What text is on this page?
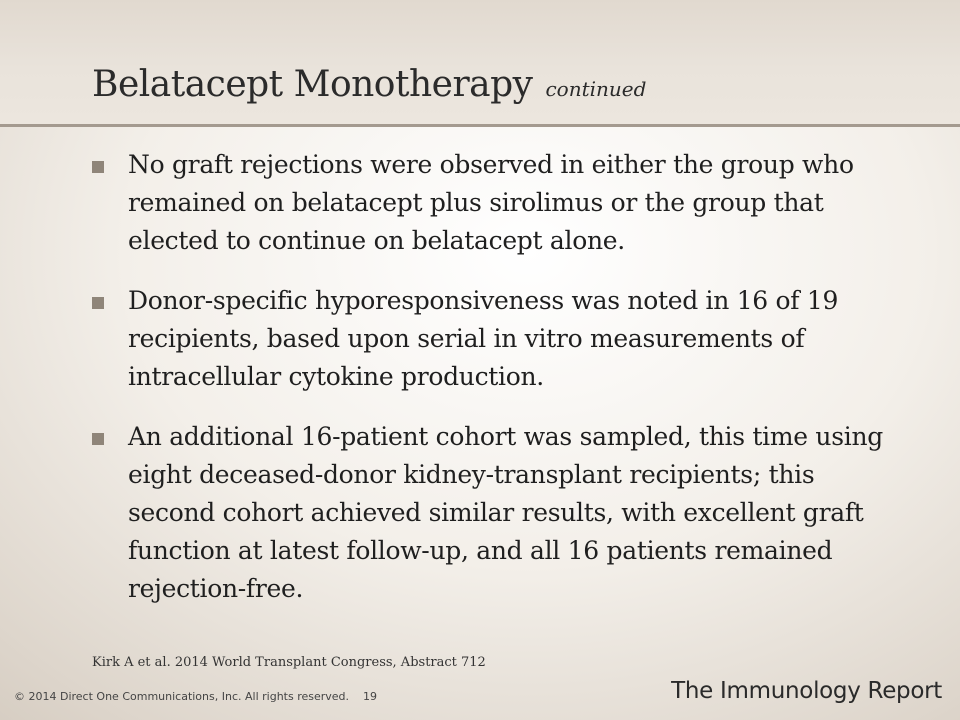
Belatacept Monotherapy continued
No graft rejections were observed in either the group who remained on belatacept plus sirolimus or the group that elected to continue on belatacept alone.
Donor-specific hyporesponsiveness was noted in 16 of 19 recipients, based upon serial in vitro measurements of intracellular cytokine production.
An additional 16-patient cohort was sampled, this time using eight deceased-donor kidney-transplant recipients; this second cohort achieved similar results, with excellent graft function at latest follow-up, and all 16 patients remained rejection-free.
Kirk A et al. 2014 World Transplant Congress, Abstract 712
© 2014 Direct One Communications, Inc. All rights reserved. 19	The Immunology Report
